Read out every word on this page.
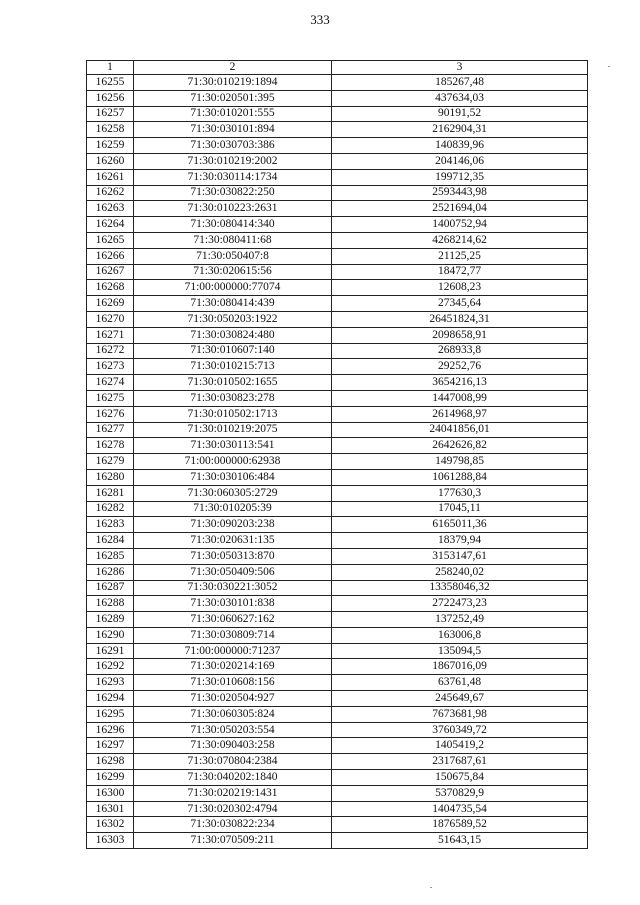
333
1	2	3
16255	71:30:010219:1894	185267,48
16256	71:30:020501:395	437634,03
16257	71:30:010201:555	90191,52
16258	71:30:030101:894	2162904,31
16259	71:30:030703:386	140839,96
16260	71:30:010219:2002	204146,06
16261	71:30:030114:1734	199712,35
16262	71:30:030822:250	2593443,98
16263	71:30:010223:2631	2521694,04
16264	71:30:080414:340	1400752,94
16265	71:30:080411:68	4268214,62
16266	71:30:050407:8	21125,25
16267	71:30:020615:56	18472,77
16268	71:00:000000:77074	12608,23
16269	71:30:080414:439	27345,64
16270	71:30:050203:1922	26451824,31
16271	71:30:030824:480	2098658,91
16272	71:30:010607:140	268933,8
16273	71:30:010215:713	29252,76
16274	71:30:010502:1655	3654216,13
16275	71:30:030823:278	1447008,99
16276	71:30:010502:1713	2614968,97
16277	71:30:010219:2075	24041856,01
16278	71:30:030113:541	2642626,82
16279	71:00:000000:62938	149798,85
16280	71:30:030106:484	1061288,84
16281	71:30:060305:2729	177630,3
16282	71:30:010205:39	17045,11
16283	71:30:090203:238	6165011,36
16284	71:30:020631:135	18379,94
16285	71:30:050313:870	3153147,61
16286	71:30:050409:506	258240,02
16287	71:30:030221:3052	13358046,32
16288	71:30:030101:838	2722473,23
16289	71:30:060627:162	137252,49
16290	71:30:030809:714	163006,8
16291	71:00:000000:71237	135094,5
16292	71:30:020214:169	1867016,09
16293	71:30:010608:156	63761,48
16294	71:30:020504:927	245649,67
16295	71:30:060305:824	7673681,98
16296	71:30:050203:554	3760349,72
16297	71:30:090403:258	1405419,2
16298	71:30:070804:2384	2317687,61
16299	71:30:040202:1840	150675,84
16300	71:30:020219:1431	5370829,9
16301	71:30:020302:4794	1404735,54
16302	71:30:030822:234	1876589,52
16303	71:30:070509:211	51643,15
